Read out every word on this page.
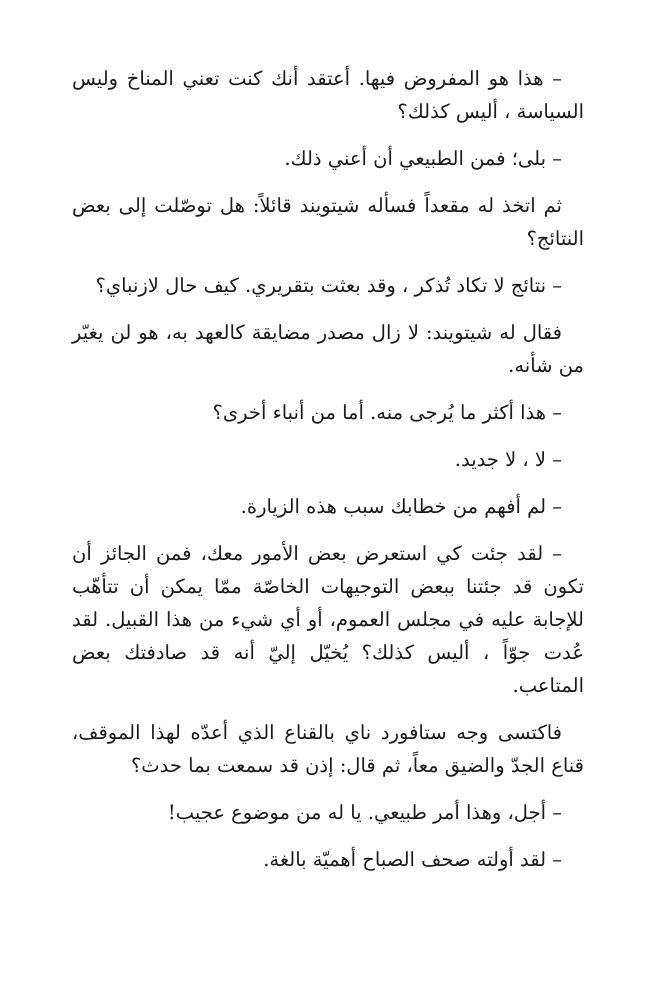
– هذا هو المفروض فيها. أعتقد أنك كنت تعني المناخ وليس السياسة ، أليس كذلك؟

– بلى؛ فمن الطبيعي أن أعني ذلك.

ثم اتخذ له مقعداً فسأله شيتويند قائلاً: هل توصّلت إلى بعض النتائج؟

– نتائج لا تكاد تُذكر ، وقد بعثت بتقريري. كيف حال لازنباي؟

فقال له شيتويند: لا زال مصدر مضايقة كالعهد به، هو لن يغيّر من شأنه.

– هذا أكثر ما يُرجى منه. أما من أنباء أخرى؟

– لا ، لا جديد.

– لم أفهم من خطابك سبب هذه الزيارة.

– لقد جئت كي استعرض بعض الأمور معك، فمن الجائز أن تكون قد جئتنا ببعض التوجيهات الخاصّة ممّا يمكن أن تتأهّب للإجابة عليه في مجلس العموم، أو أي شيء من هذا القبيل. لقد عُدت جوّاً ، أليس كذلك؟ يُخيّل إليّ أنه قد صادفتك بعض المتاعب.

فاكتسى وجه ستافورد ناي بالقناع الذي أعدّه لهذا الموقف، قناع الجدّ والضيق معاً، ثم قال: إذن قد سمعت بما حدث؟

– أجل، وهذا أمر طبيعي. يا له من موضوع عجيب!

– لقد أولته صحف الصباح أهميّة بالغة.
